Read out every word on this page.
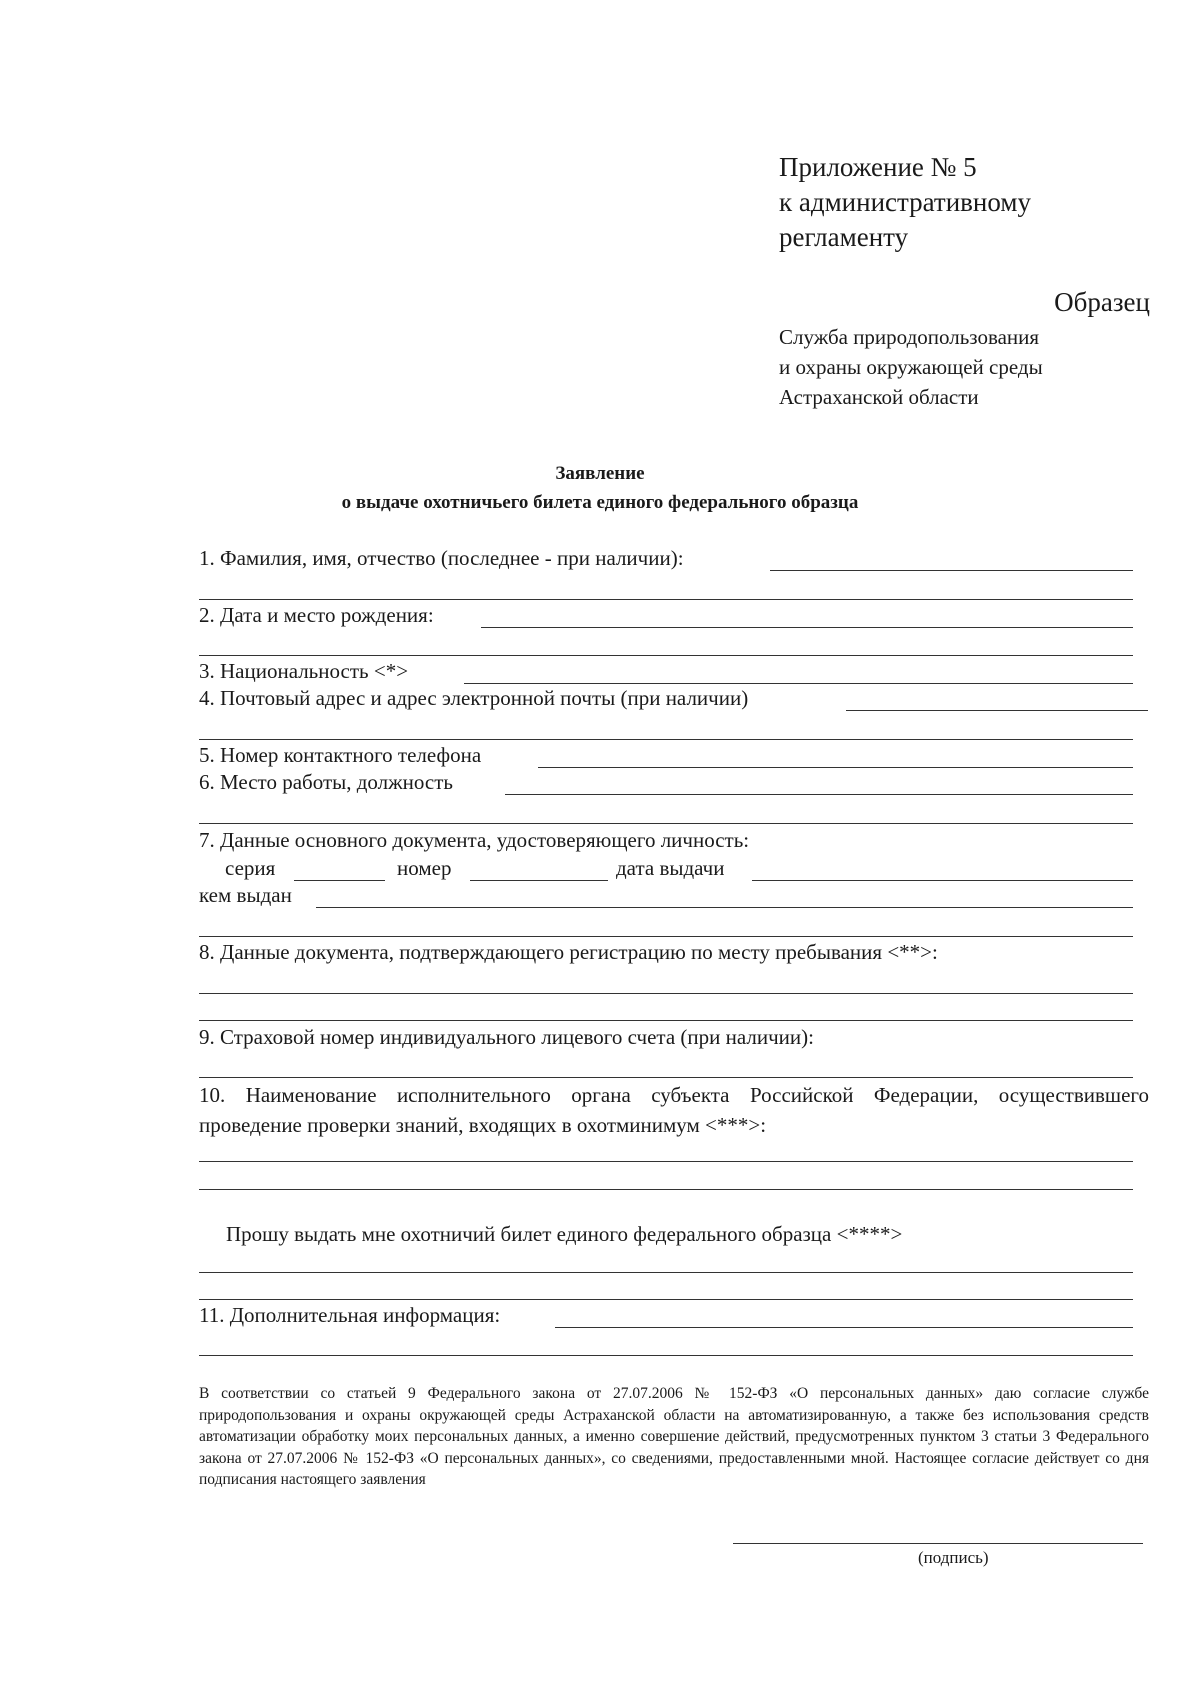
Приложение № 5
к административному
регламенту
Образец
Служба природопользования
и охраны окружающей среды
Астраханской области
Заявление
о выдаче охотничьего билета единого федерального образца
1. Фамилия, имя, отчество (последнее - при наличии):
2. Дата и место рождения:
3. Национальность <*>
4. Почтовый адрес и адрес электронной почты (при наличии)
5. Номер контактного телефона
6. Место работы, должность
7. Данные основного документа, удостоверяющего личность:
серия	номер	дата выдачи
кем выдан
8. Данные документа, подтверждающего регистрацию по месту пребывания <**>:
9. Страховой номер индивидуального лицевого счета (при наличии):
10. Наименование исполнительного органа субъекта Российской Федерации, осуществившего проведение проверки знаний, входящих в охотминимум <***>:
Прошу выдать мне охотничий билет единого федерального образца <****>
11. Дополнительная информация:
В соответствии со статьей 9 Федерального закона от 27.07.2006 № 152-ФЗ «О персональных данных» даю согласие службе природопользования и охраны окружающей среды Астраханской области на автоматизированную, а также без использования средств автоматизации обработку моих персональных данных, а именно совершение действий, предусмотренных пунктом 3 статьи 3 Федерального закона от 27.07.2006 № 152-ФЗ «О персональных данных», со сведениями, предоставленными мной. Настоящее согласие действует со дня подписания настоящего заявления
(подпись)
